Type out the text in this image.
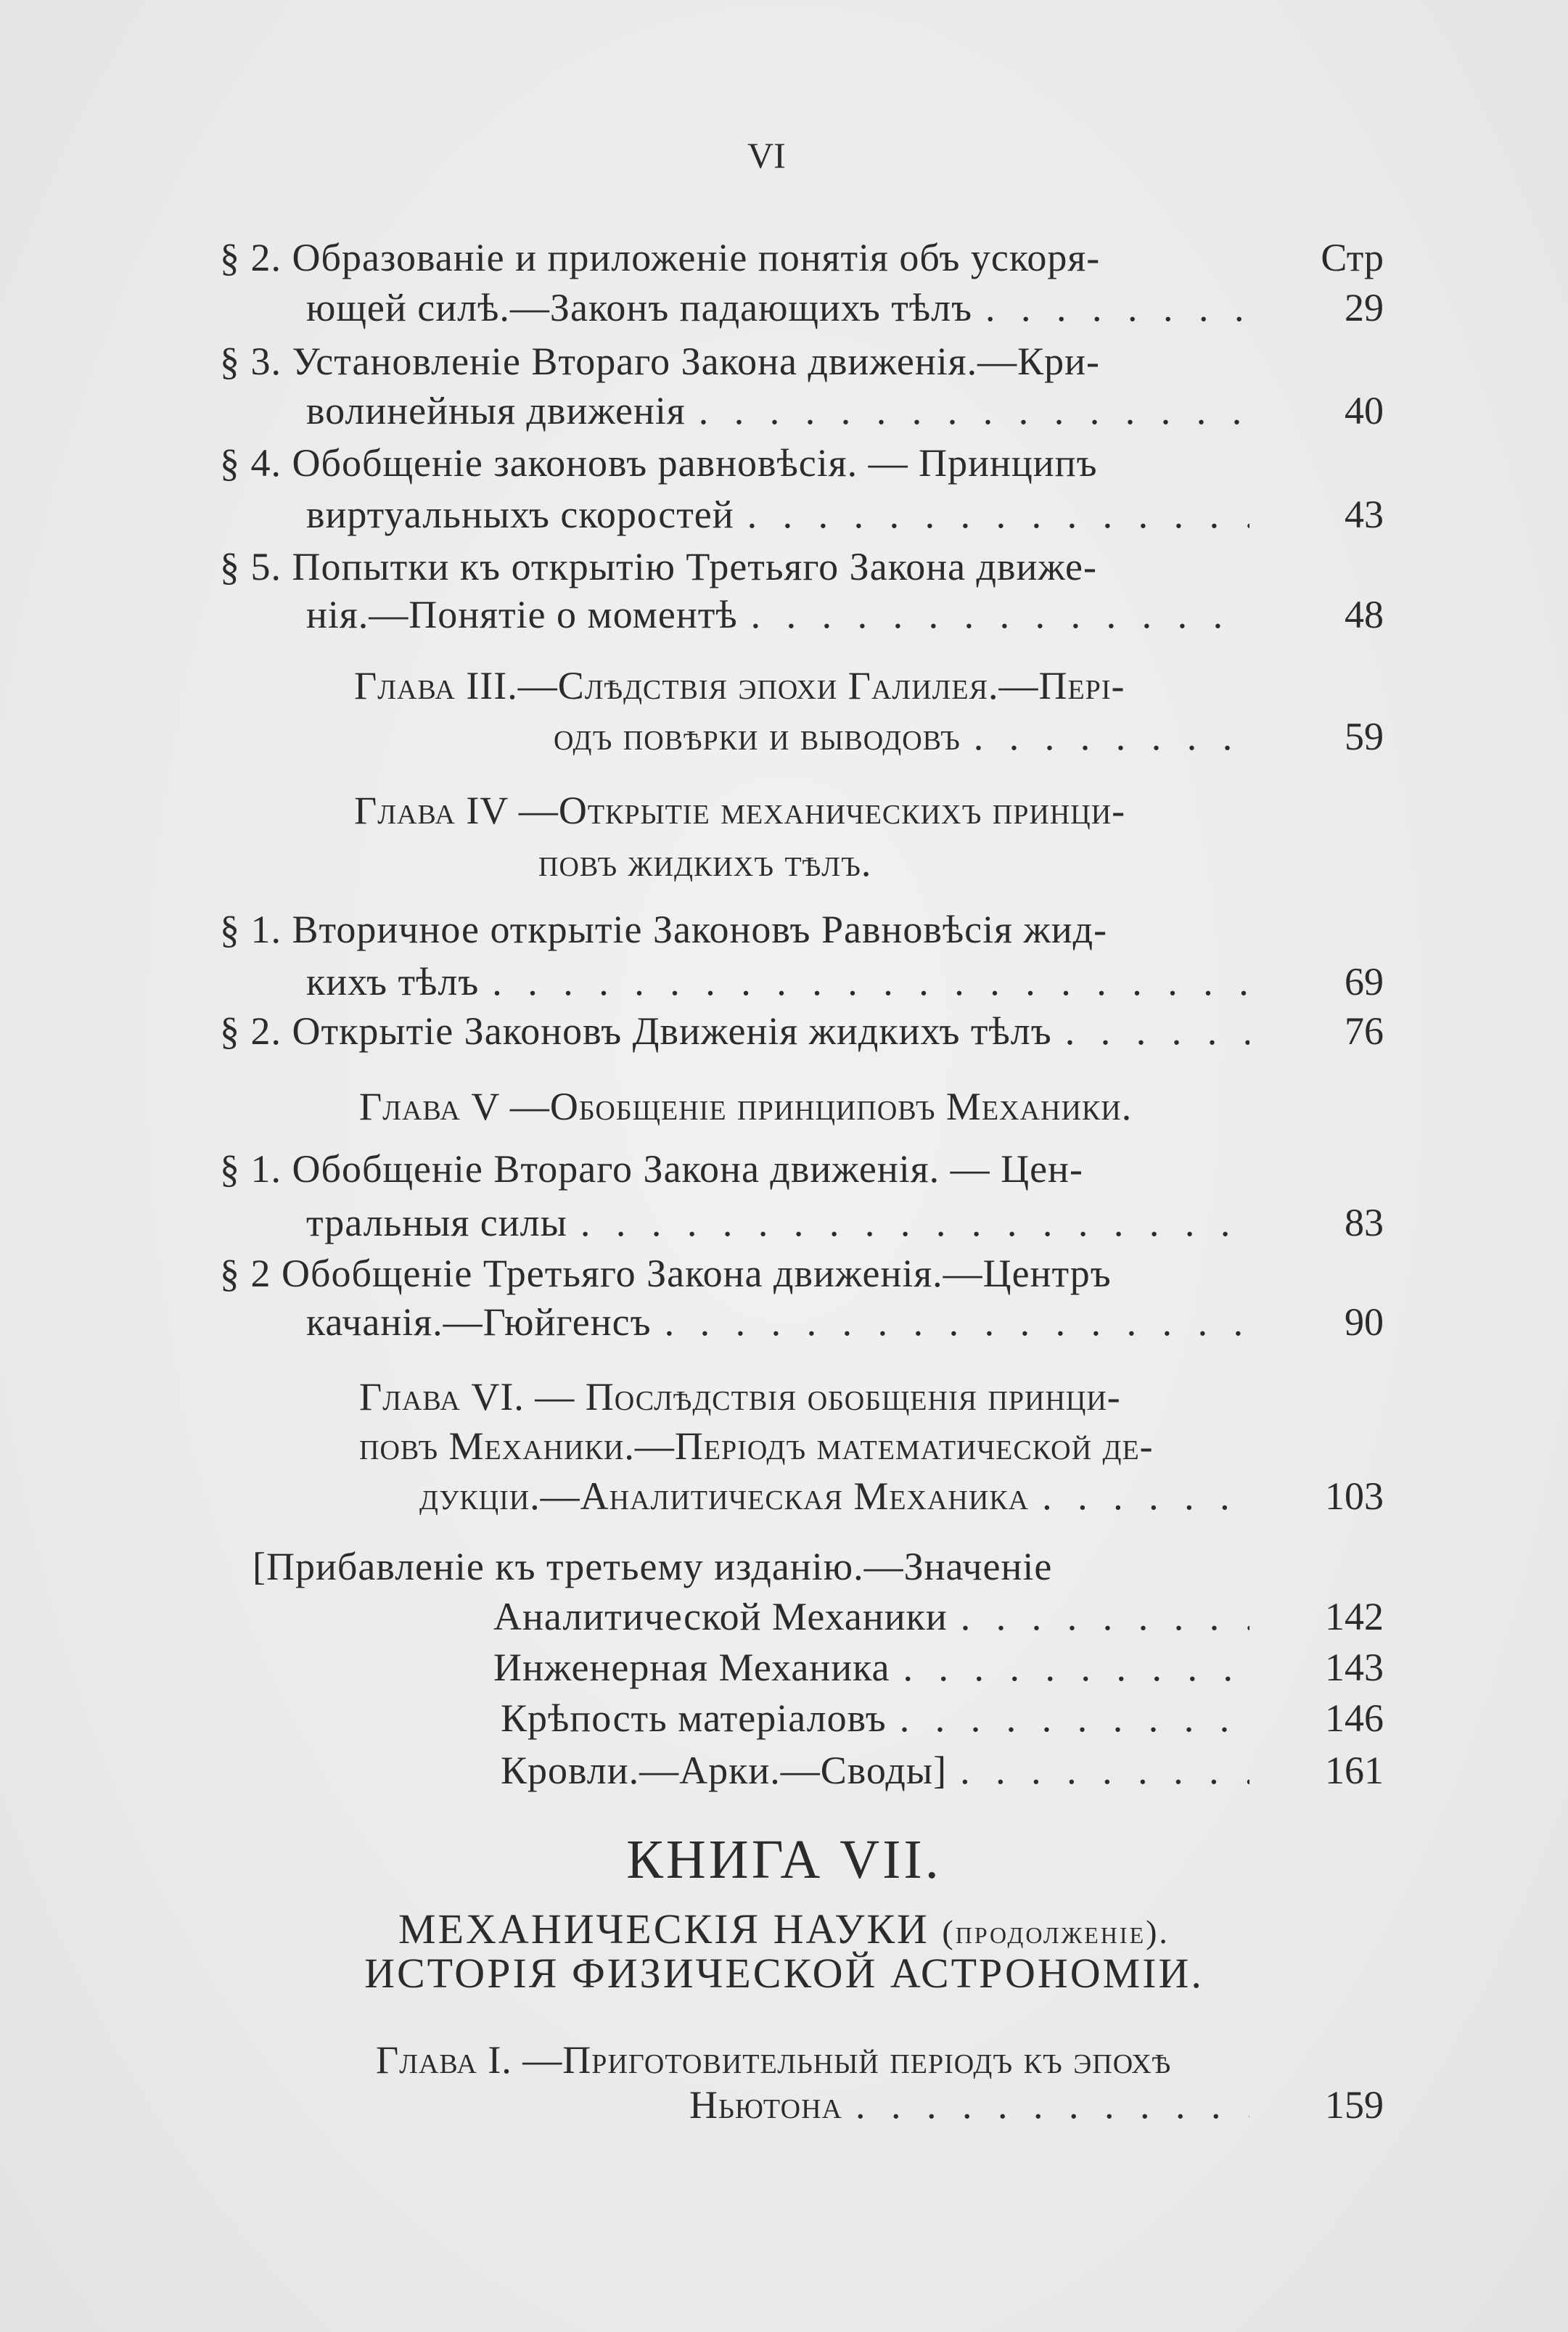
VI
§ 2. Образованіе и приложеніе понятія объ ускоря-	Стр
ющей силѣ.—Законъ падающихъ тѣлъ . . .	29
§ 3. Установленіе Втораго Закона движенія.—Кри-
волинейныя движенія . . .	40
§ 4. Обобщеніе законовъ равновѣсія. — Принципъ
виртуальныхъ скоростей . . .	43
§ 5. Попытки къ открытію Третьяго Закона движе-
нія.—Понятіе о моментѣ . . .	48
Глава III.—Слѣдствія эпохи Галилея.—Пері-
одъ повѣрки и выводовъ . . .	59
Глава IV —Открытіе механическихъ принци-
повъ жидкихъ тѣлъ.
§ 1. Вторичное открытіе Законовъ Равновѣсія жид-
кихъ тѣлъ . . .	69
§ 2. Открытіе Законовъ Движенія жидкихъ тѣлъ . . .	76
Глава V —Обобщеніе принциповъ Механики.
§ 1. Обобщеніе Втораго Закона движенія. — Цен-
тральныя силы . . .	83
§ 2 Обобщеніе Третьяго Закона движенія.—Центръ
качанія.—Гюйгенсъ . . .	90
Глава VI. — Послѣдствія обобщенія принци-
повъ Механики.—Періодъ математической де-
дукціи.—Аналитическая Механика . . .	103
[Прибавленіе къ третьему изданію.—Значеніе
Аналитической Механики . . .	142
Инженерная Механика . . .	143
Крѣпость матеріаловъ . . .	146
Кровли.—Арки.—Своды] . . .	161
КНИГА VII.
МЕХАНИЧЕСКІЯ НАУКИ (продолженіе).
ИСТОРІЯ ФИЗИЧЕСКОЙ АСТРОНОМІИ.
Глава I. —Приготовительный періодъ къ эпохѣ
Ньютона . . .	159
